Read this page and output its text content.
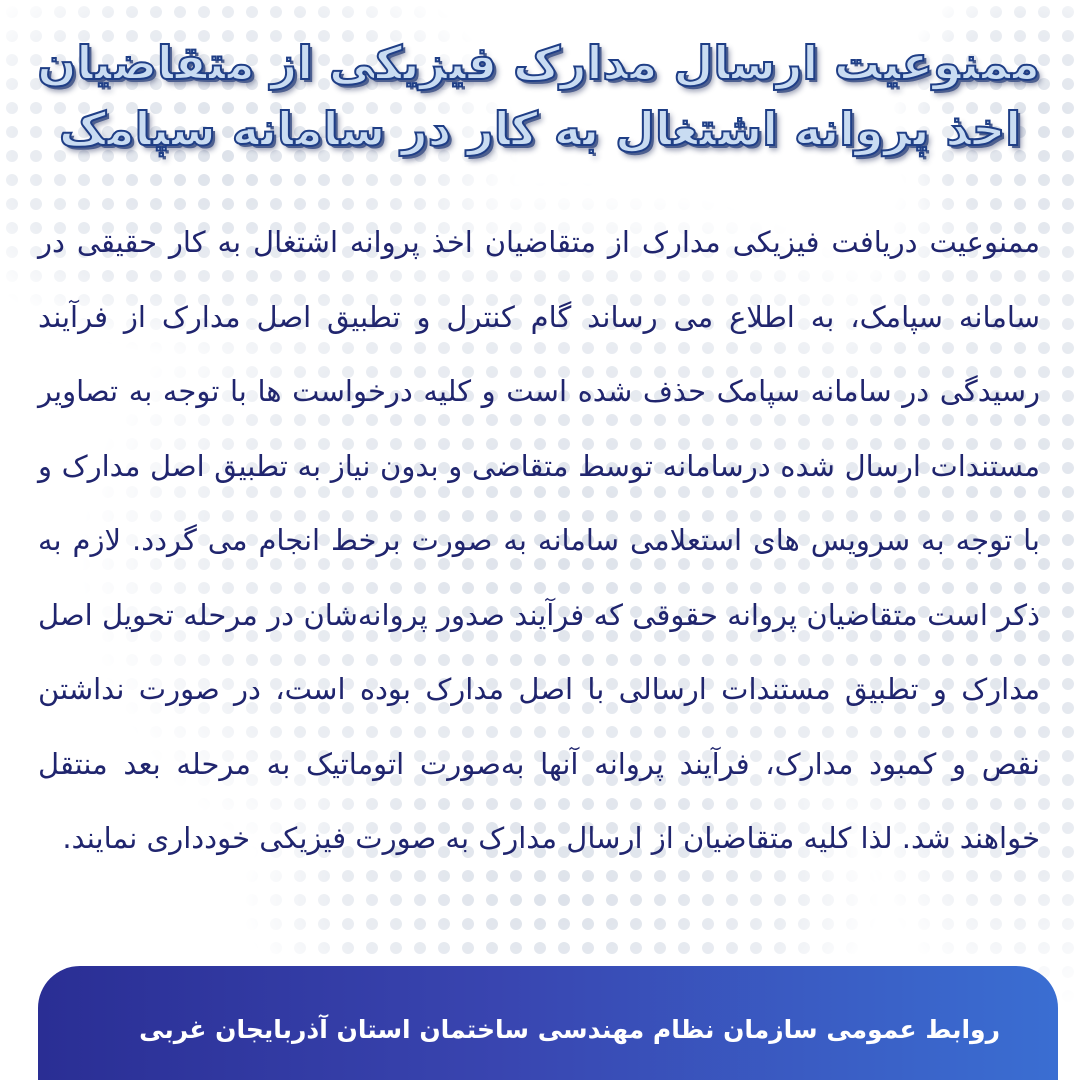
ممنوعیت ارسال مدارک فیزیکی از متقاضیان
اخذ پروانه اشتغال به کار در سامانه سپامک
ممنوعیت دریافت فیزیکی مدارک از متقاضیان اخذ پروانه اشتغال به کار حقیقی در سامانه سپامک، به اطلاع می رساند گام کنترل و تطبیق اصل مدارک از فرآیند رسیدگی در سامانه سپامک حذف شده است و کلیه درخواست ها با توجه به تصاویر مستندات ارسال شده درسامانه توسط متقاضی و بدون نیاز به تطبیق اصل مدارک و با توجه به سرویس های استعلامی سامانه به صورت برخط انجام می گردد. لازم به ذکر است متقاضیان پروانه حقوقی که فرآیند صدور پروانه‌شان در مرحله تحویل اصل مدارک و تطبیق مستندات ارسالی با اصل مدارک بوده است، در صورت نداشتن نقص و کمبود مدارک، فرآیند پروانه آنها به‌صورت اتوماتیک به مرحله بعد منتقل خواهند شد. لذا کلیه متقاضیان از ارسال مدارک به صورت فیزیکی خودداری نمایند.
روابط عمومی سازمان نظام مهندسی ساختمان استان آذربایجان غربی
